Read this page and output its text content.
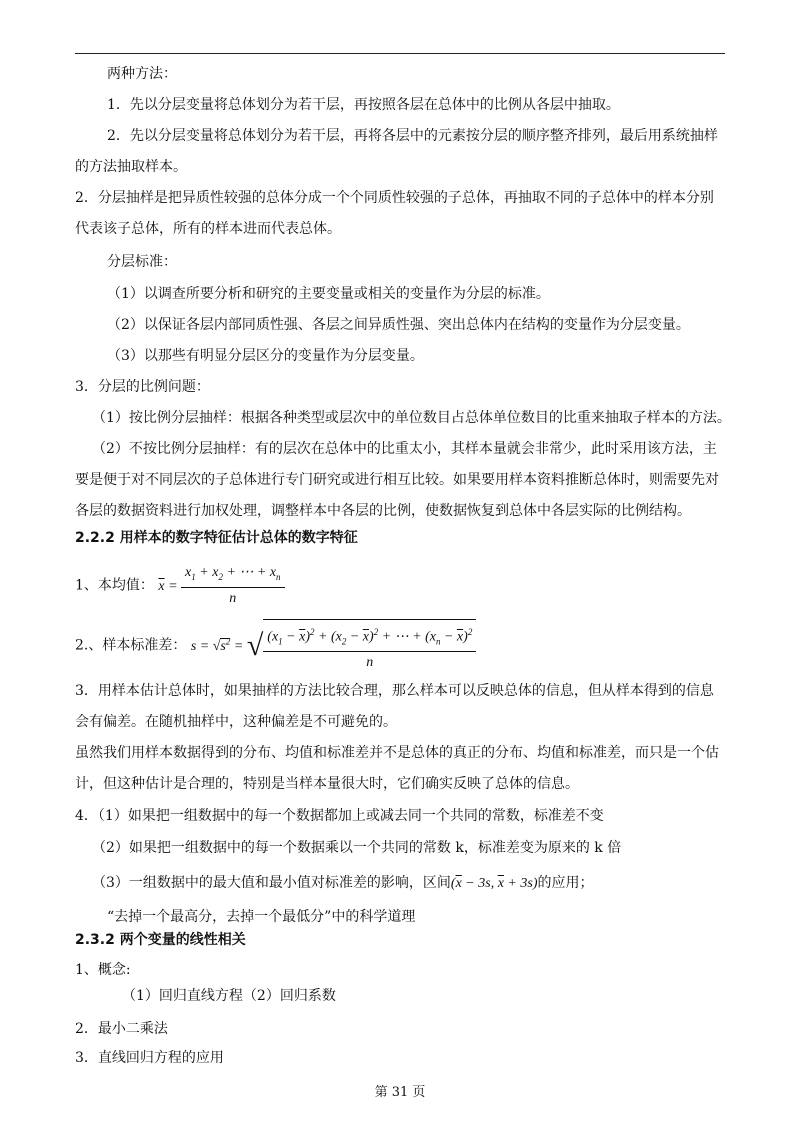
两种方法：
1．先以分层变量将总体划分为若干层，再按照各层在总体中的比例从各层中抽取。
2．先以分层变量将总体划分为若干层，再将各层中的元素按分层的顺序整齐排列，最后用系统抽样
的方法抽取样本。
2．分层抽样是把异质性较强的总体分成一个个同质性较强的子总体，再抽取不同的子总体中的样本分别
代表该子总体，所有的样本进而代表总体。
分层标准：
（1）以调查所要分析和研究的主要变量或相关的变量作为分层的标准。
（2）以保证各层内部同质性强、各层之间异质性强、突出总体内在结构的变量作为分层变量。
（3）以那些有明显分层区分的变量作为分层变量。
3．分层的比例问题：
（1）按比例分层抽样：根据各种类型或层次中的单位数目占总体单位数目的比重来抽取子样本的方法。
（2）不按比例分层抽样：有的层次在总体中的比重太小，其样本量就会非常少，此时采用该方法，主
要是便于对不同层次的子总体进行专门研究或进行相互比较。如果要用样本资料推断总体时，则需要先对
各层的数据资料进行加权处理，调整样本中各层的比例，使数据恢复到总体中各层实际的比例结构。
2.2.2 用样本的数字特征估计总体的数字特征
1、本均值： $\overline{x} = \frac{x_1 + x_2 + \cdots + x_n}{n}$
2.、样本标准差： $s = √s^2$ = √ $\frac{(x_1 - \overline{x})^2 + (x_2 - \overline{x})^2 + \cdots + (x_n - \overline{x})^2}{n}$
3．用样本估计总体时，如果抽样的方法比较合理，那么样本可以反映总体的信息，但从样本得到的信息
会有偏差。在随机抽样中，这种偏差是不可避免的。
虽然我们用样本数据得到的分布、均值和标准差并不是总体的真正的分布、均值和标准差，而只是一个估
计，但这种估计是合理的，特别是当样本量很大时，它们确实反映了总体的信息。
4．（1）如果把一组数据中的每一个数据都加上或减去同一个共同的常数，标准差不变
（2）如果把一组数据中的每一个数据乘以一个共同的常数 k，标准差变为原来的 k 倍
（3）一组数据中的最大值和最小值对标准差的影响，区间($\overline{x} - 3s$, $\overline{x} + 3s$)的应用；
“去掉一个最高分，去掉一个最低分”中的科学道理
2.3.2 两个变量的线性相关
1、概念:
（1）回归直线方程（2）回归系数
2．最小二乘法
3．直线回归方程的应用
第 31 页
